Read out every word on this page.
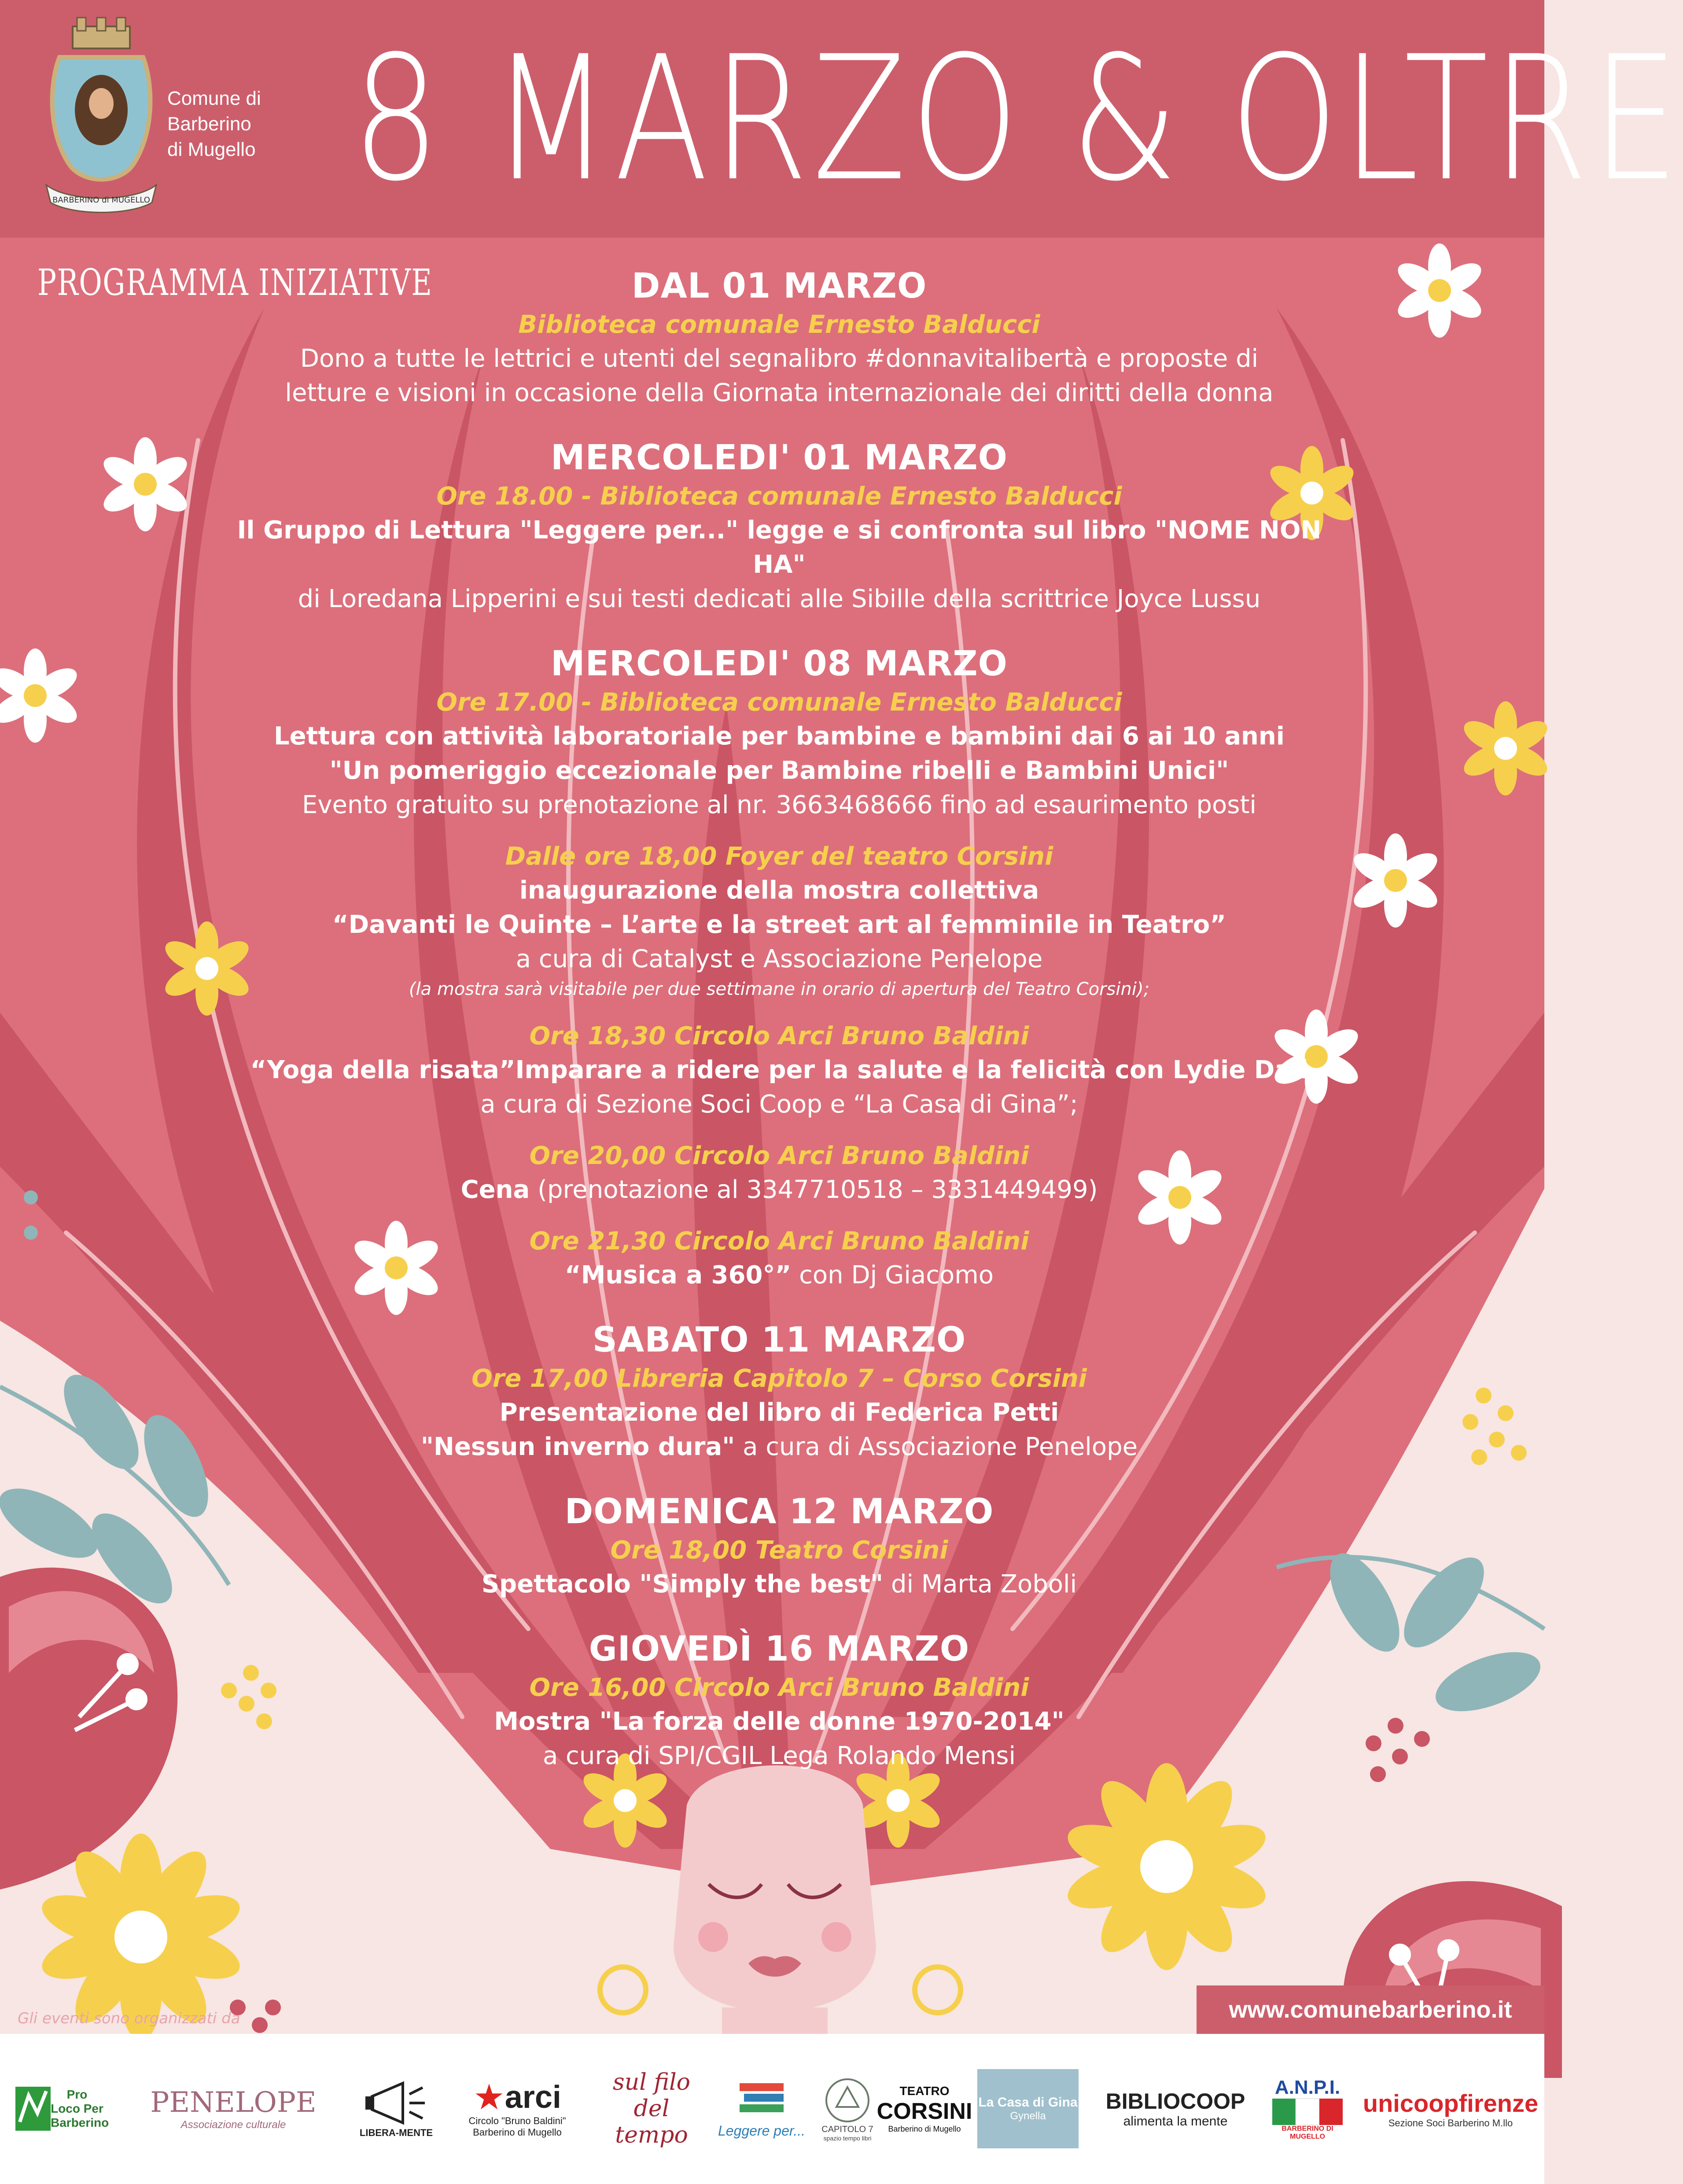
BARBERINO di MUGELLO
Comune di
Barberino
di Mugello 8 MARZO & OLTRE
PROGRAMMA INIZIATIVE	DAL 01 MARZO
Biblioteca comunale Ernesto Balducci
Dono a tutte le lettrici e utenti del segnalibro #donnavitalibertà e proposte di
letture e visioni in occasione della Giornata internazionale dei diritti della donna
MERCOLEDI' 01 MARZO
Ore 18.00 - Biblioteca comunale Ernesto Balducci
Il Gruppo di Lettura "Leggere per..." legge e si confronta sul libro "NOME NON HA"
di Loredana Lipperini e sui testi dedicati alle Sibille della scrittrice Joyce Lussu
MERCOLEDI' 08 MARZO
Ore 17.00 - Biblioteca comunale Ernesto Balducci
Lettura con attività laboratoriale per bambine e bambini dai 6 ai 10 anni
"Un pomeriggio eccezionale per Bambine ribelli e Bambini Unici"
Evento gratuito su prenotazione al nr. 3663468666 fino ad esaurimento posti
Dalle ore 18,00 Foyer del teatro Corsini
inaugurazione della mostra collettiva
“Davanti le Quinte – L’arte e la street art al femminile in Teatro”
a cura di Catalyst e Associazione Penelope
(la mostra sarà visitabile per due settimane in orario di apertura del Teatro Corsini);
Ore 18,30 Circolo Arci Bruno Baldini
“Yoga della risata”Imparare a ridere per la salute e la felicità con Lydie Dali
a cura di Sezione Soci Coop e “La Casa di Gina”;
Ore 20,00 Circolo Arci Bruno Baldini
Cena (prenotazione al 3347710518 – 3331449499)
Ore 21,30 Circolo Arci Bruno Baldini
“Musica a 360°” con Dj Giacomo
SABATO 11 MARZO
Ore 17,00 Libreria Capitolo 7 – Corso Corsini
Presentazione del libro di Federica Petti
"Nessun inverno dura" a cura di Associazione Penelope
DOMENICA 12 MARZO
Ore 18,00 Teatro Corsini
Spettacolo "Simply the best" di Marta Zoboli
GIOVEDÌ 16 MARZO
Ore 16,00 Circolo Arci Bruno Baldini
Mostra "La forza delle donne 1970-2014"
a cura di SPI/CGIL Lega Rolando Mensi
Gli eventi sono organizzati da	www.comunebarberino.it
Pro Loco Per Barberino
PENELOPE
Associazione culturale
LIBERA-MENTE
★ arci
Circolo "Bruno Baldini" Barberino di Mugello
sul filo del tempo	Leggere per... CAPITOLO 7
spazio tempo libri
TEATRO
CORSINI
Barberino di Mugello
La Casa di Gina
Gynella
BIBLIOCOOP
alimenta la mente
A.N.P.I.
BARBERINO DI MUGELLO
unicoopfirenze
Sezione Soci Barberino M.llo
